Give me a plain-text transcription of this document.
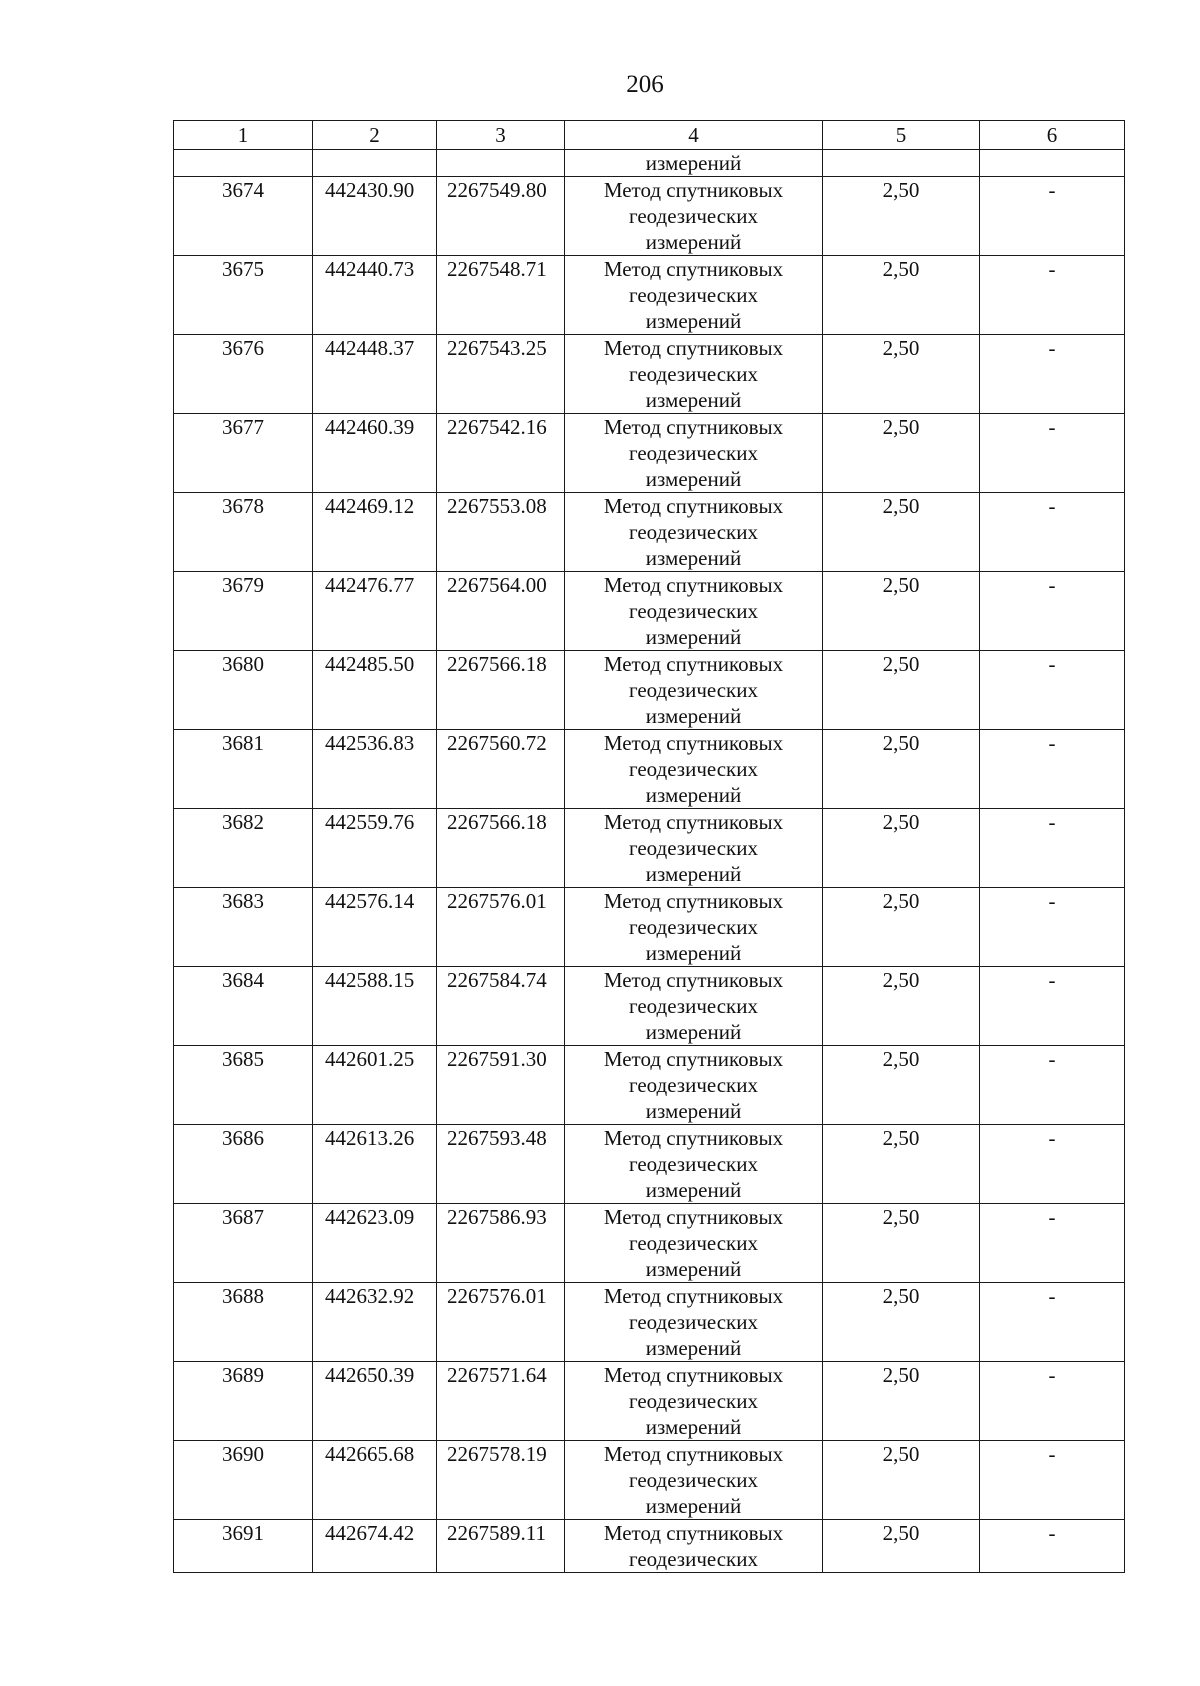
206
1	2	3	4	5	6
			измерений		
3674	442430.90	2267549.80	Метод спутниковых
геодезических
измерений	2,50	-
3675	442440.73	2267548.71	Метод спутниковых
геодезических
измерений	2,50	-
3676	442448.37	2267543.25	Метод спутниковых
геодезических
измерений	2,50	-
3677	442460.39	2267542.16	Метод спутниковых
геодезических
измерений	2,50	-
3678	442469.12	2267553.08	Метод спутниковых
геодезических
измерений	2,50	-
3679	442476.77	2267564.00	Метод спутниковых
геодезических
измерений	2,50	-
3680	442485.50	2267566.18	Метод спутниковых
геодезических
измерений	2,50	-
3681	442536.83	2267560.72	Метод спутниковых
геодезических
измерений	2,50	-
3682	442559.76	2267566.18	Метод спутниковых
геодезических
измерений	2,50	-
3683	442576.14	2267576.01	Метод спутниковых
геодезических
измерений	2,50	-
3684	442588.15	2267584.74	Метод спутниковых
геодезических
измерений	2,50	-
3685	442601.25	2267591.30	Метод спутниковых
геодезических
измерений	2,50	-
3686	442613.26	2267593.48	Метод спутниковых
геодезических
измерений	2,50	-
3687	442623.09	2267586.93	Метод спутниковых
геодезических
измерений	2,50	-
3688	442632.92	2267576.01	Метод спутниковых
геодезических
измерений	2,50	-
3689	442650.39	2267571.64	Метод спутниковых
геодезических
измерений	2,50	-
3690	442665.68	2267578.19	Метод спутниковых
геодезических
измерений	2,50	-
3691	442674.42	2267589.11	Метод спутниковых
геодезических	2,50	-
